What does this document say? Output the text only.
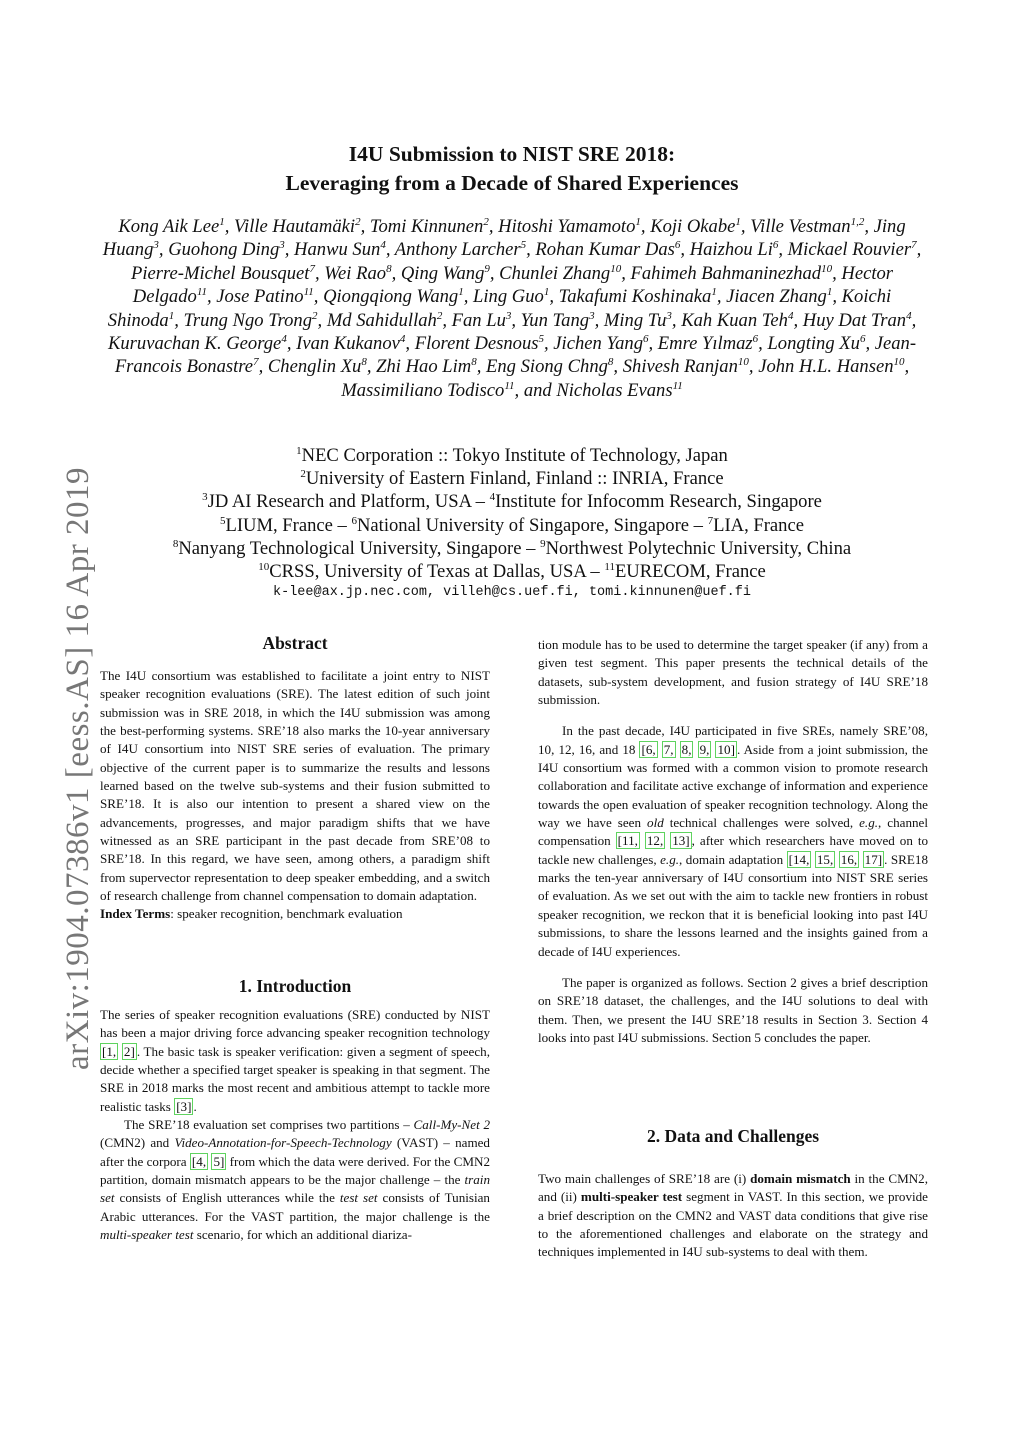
arXiv:1904.07386v1 [eess.AS] 16 Apr 2019
I4U Submission to NIST SRE 2018:
Leveraging from a Decade of Shared Experiences
Kong Aik Lee$^1$, Ville Hautamäki$^2$, Tomi Kinnunen$^2$, Hitoshi Yamamoto$^1$, Koji Okabe$^1$, Ville Vestman$^{1,2}$, Jing Huang$^3$, Guohong Ding$^3$, Hanwu Sun$^4$, Anthony Larcher$^5$, Rohan Kumar Das$^6$, Haizhou Li$^6$, Mickael Rouvier$^7$, Pierre-Michel Bousquet$^7$, Wei Rao$^8$, Qing Wang$^9$, Chunlei Zhang$^{10}$, Fahimeh Bahmaninezhad$^{10}$, Hector Delgado$^{11}$, Jose Patino$^{11}$, Qiongqiong Wang$^1$, Ling Guo$^1$, Takafumi Koshinaka$^1$, Jiacen Zhang$^1$, Koichi Shinoda$^1$, Trung Ngo Trong$^2$, Md Sahidullah$^2$, Fan Lu$^3$, Yun Tang$^3$, Ming Tu$^3$, Kah Kuan Teh$^4$, Huy Dat Tran$^4$, Kuruvachan K. George$^4$, Ivan Kukanov$^4$, Florent Desnous$^5$, Jichen Yang$^6$, Emre Yılmaz$^6$, Longting Xu$^6$, Jean-Francois Bonastre$^7$, Chenglin Xu$^8$, Zhi Hao Lim$^8$, Eng Siong Chng$^8$, Shivesh Ranjan$^{10}$, John H.L. Hansen$^{10}$, Massimiliano Todisco$^{11}$, and Nicholas Evans$^{11}$
$^1$NEC Corporation :: Tokyo Institute of Technology, Japan
$^2$University of Eastern Finland, Finland :: INRIA, France
$^3$JD AI Research and Platform, USA – $^4$Institute for Infocomm Research, Singapore
$^5$LIUM, France – $^6$National University of Singapore, Singapore – $^7$LIA, France
$^8$Nanyang Technological University, Singapore – $^9$Northwest Polytechnic University, China
$^{10}$CRSS, University of Texas at Dallas, USA – $^{11}$EURECOM, France
k-lee@ax.jp.nec.com, villeh@cs.uef.fi, tomi.kinnunen@uef.fi
Abstract

The I4U consortium was established to facilitate a joint entry to NIST speaker recognition evaluations (SRE). The latest edition of such joint submission was in SRE 2018, in which the I4U submission was among the best-performing systems. SRE’18 also marks the 10-year anniversary of I4U consortium into NIST SRE series of evaluation. The primary objective of the current paper is to summarize the results and lessons learned based on the twelve sub-systems and their fusion submitted to SRE’18. It is also our intention to present a shared view on the advancements, progresses, and major paradigm shifts that we have witnessed as an SRE participant in the past decade from SRE’08 to SRE’18. In this regard, we have seen, among others, a paradigm shift from supervector representation to deep speaker embedding, and a switch of research challenge from channel compensation to domain adaptation.

Index Terms: speaker recognition, benchmark evaluation

1. Introduction

The series of speaker recognition evaluations (SRE) conducted by NIST has been a major driving force advancing speaker recognition technology [1, 2] . The basic task is speaker verification: given a segment of speech, decide whether a specified target speaker is speaking in that segment. The SRE in 2018 marks the most recent and ambitious attempt to tackle more realistic tasks [3] .

The SRE’18 evaluation set comprises two partitions – Call-My-Net 2 (CMN2) and Video-Annotation-for-Speech-Technology (VAST) – named after the corpora [4, 5] from which the data were derived. For the CMN2 partition, domain mismatch appears to be the major challenge – the train set consists of English utterances while the test set consists of Tunisian Arabic utterances. For the VAST partition, the major challenge is the multi-speaker test scenario, for which an additional diariza-

tion module has to be used to determine the target speaker (if any) from a given test segment. This paper presents the technical details of the datasets, sub-system development, and fusion strategy of I4U SRE’18 submission.

In the past decade, I4U participated in five SREs, namely SRE’08, 10, 12, 16, and 18 [6, 7, 8, 9, 10] . Aside from a joint submission, the I4U consortium was formed with a common vision to promote research collaboration and facilitate active exchange of information and experience towards the open evaluation of speaker recognition technology. Along the way we have seen old technical challenges were solved, e.g., channel compensation [11, 12, 13] , after which researchers have moved on to tackle new challenges, e.g., domain adaptation [14, 15, 16, 17] . SRE18 marks the ten-year anniversary of I4U consortium into NIST SRE series of evaluation. As we set out with the aim to tackle new frontiers in robust speaker recognition, we reckon that it is beneficial looking into past I4U submissions, to share the lessons learned and the insights gained from a decade of I4U experiences.

The paper is organized as follows. Section 2 gives a brief description on SRE’18 dataset, the challenges, and the I4U solutions to deal with them. Then, we present the I4U SRE’18 results in Section 3. Section 4 looks into past I4U submissions. Section 5 concludes the paper.

2. Data and Challenges

Two main challenges of SRE’18 are (i) domain mismatch in the CMN2, and (ii) multi-speaker test segment in VAST. In this section, we provide a brief description on the CMN2 and VAST data conditions that give rise to the aforementioned challenges and elaborate on the strategy and techniques implemented in I4U sub-systems to deal with them.
